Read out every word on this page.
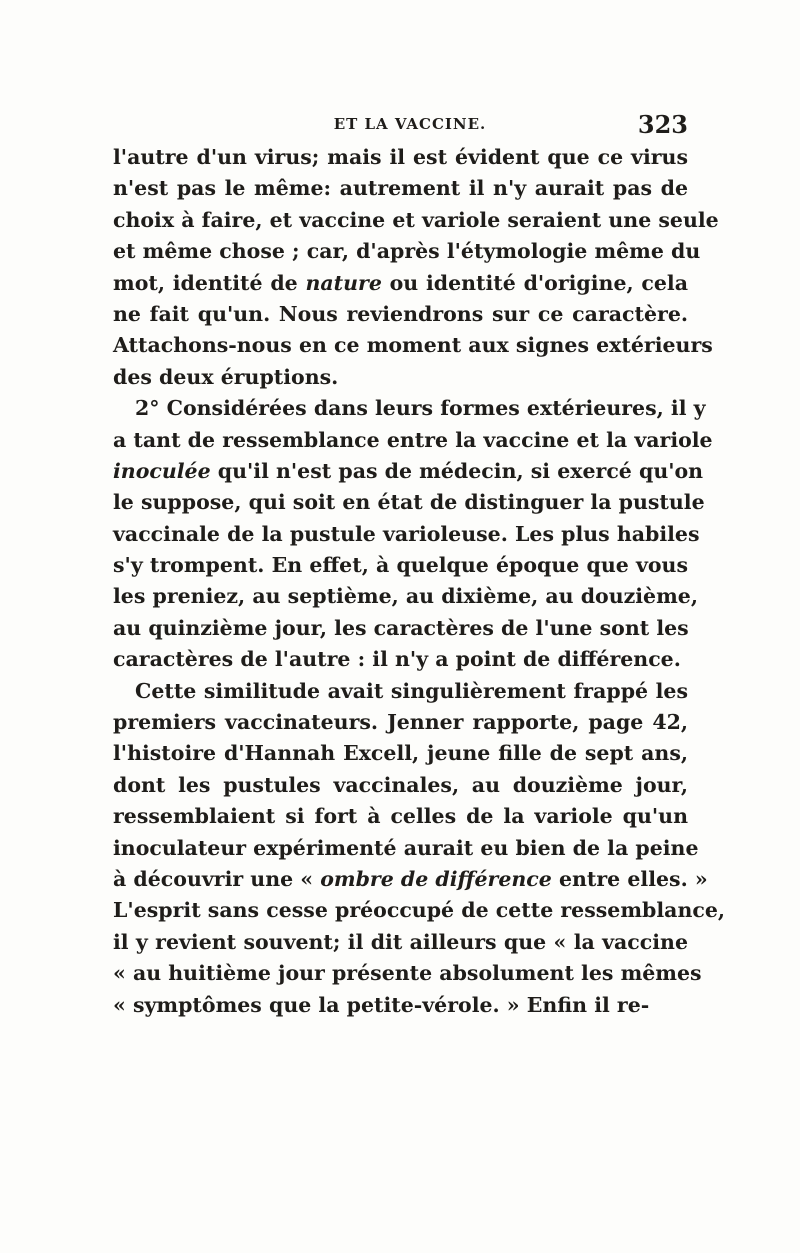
ET LA VACCINE.	323
l'autre d'un virus; mais il est évident que ce virus
n'est pas le même: autrement il n'y aurait pas de
choix à faire, et vaccine et variole seraient une seule
et même chose ; car, d'après l'étymologie même du
mot, identité de nature ou identité d'origine, cela
ne fait qu'un. Nous reviendrons sur ce caractère.
Attachons-nous en ce moment aux signes extérieurs
des deux éruptions.
2° Considérées dans leurs formes extérieures, il y
a tant de ressemblance entre la vaccine et la variole
inoculée qu'il n'est pas de médecin, si exercé qu'on
le suppose, qui soit en état de distinguer la pustule
vaccinale de la pustule varioleuse. Les plus habiles
s'y trompent. En effet, à quelque époque que vous
les preniez, au septième, au dixième, au douzième,
au quinzième jour, les caractères de l'une sont les
caractères de l'autre : il n'y a point de différence.
Cette similitude avait singulièrement frappé les
premiers vaccinateurs. Jenner rapporte, page 42,
l'histoire d'Hannah Excell, jeune fille de sept ans,
dont les pustules vaccinales, au douzième jour,
ressemblaient si fort à celles de la variole qu'un
inoculateur expérimenté aurait eu bien de la peine
à découvrir une « ombre de différence entre elles. »
L'esprit sans cesse préoccupé de cette ressemblance,
il y revient souvent; il dit ailleurs que « la vaccine
« au huitième jour présente absolument les mêmes
« symptômes que la petite-vérole. » Enfin il re-
